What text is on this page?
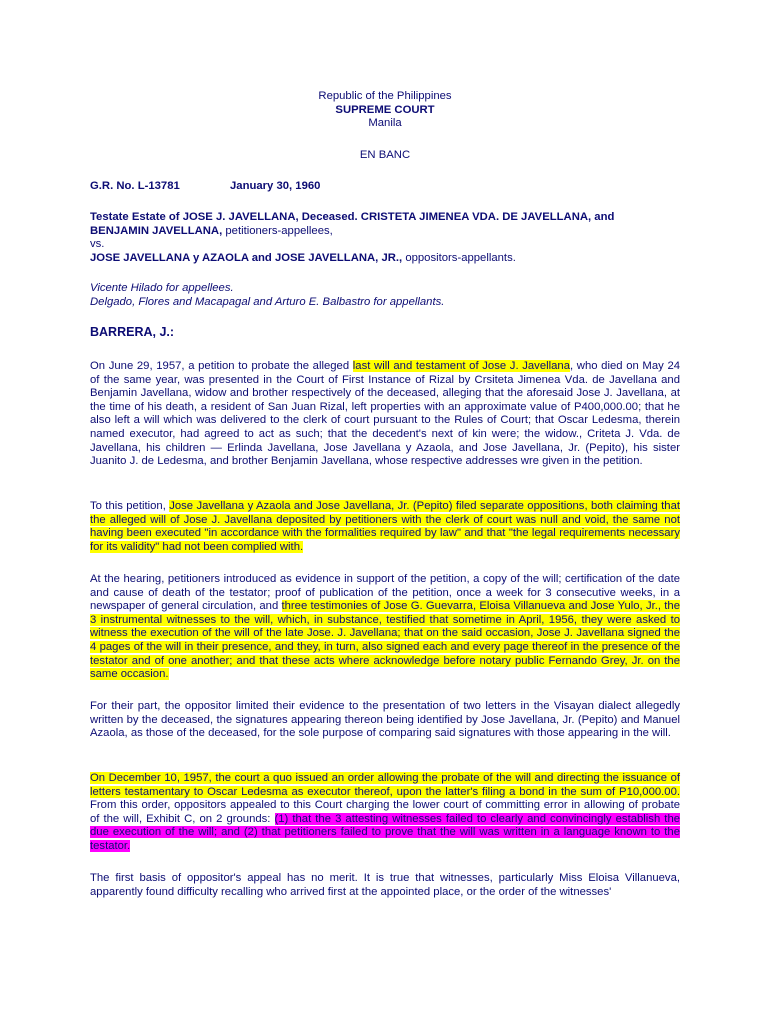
Republic of the Philippines
SUPREME COURT
Manila
EN BANC
G.R. No. L-13781	January 30, 1960
Testate Estate of JOSE J. JAVELLANA, Deceased. CRISTETA JIMENEA VDA. DE JAVELLANA, and
BENJAMIN JAVELLANA, petitioners-appellees,
vs.
JOSE JAVELLANA y AZAOLA and JOSE JAVELLANA, JR., oppositors-appellants.
Vicente Hilado for appellees.
Delgado, Flores and Macapagal and Arturo E. Balbastro for appellants.
BARRERA, J.:

On June 29, 1957, a petition to probate the alleged last will and testament of Jose J. Javellana, who died on May 24 of the same year, was presented in the Court of First Instance of Rizal by Crsiteta Jimenea Vda. de Javellana and Benjamin Javellana, widow and brother respectively of the deceased, alleging that the aforesaid Jose J. Javellana, at the time of his death, a resident of San Juan Rizal, left properties with an approximate value of P400,000.00; that he also left a will which was delivered to the clerk of court pursuant to the Rules of Court; that Oscar Ledesma, therein named executor, had agreed to act as such; that the decedent's next of kin were; the widow., Criteta J. Vda. de Javellana, his children — Erlinda Javellana, Jose Javellana y Azaola, and Jose Javellana, Jr. (Pepito), his sister Juanito J. de Ledesma, and brother Benjamin Javellana, whose respective addresses wre given in the petition.

To this petition, Jose Javellana y Azaola and Jose Javellana, Jr. (Pepito) filed separate oppositions, both claiming that the alleged will of Jose J. Javellana deposited by petitioners with the clerk of court was null and void, the same not having been executed "in accordance with the formalities required by law" and that "the legal requirements necessary for its validity" had not been complied with.

At the hearing, petitioners introduced as evidence in support of the petition, a copy of the will; certification of the date and cause of death of the testator; proof of publication of the petition, once a week for 3 consecutive weeks, in a newspaper of general circulation, and three testimonies of Jose G. Guevarra, Eloisa Villanueva and Jose Yulo, Jr., the 3 instrumental witnesses to the will, which, in substance, testified that sometime in April, 1956, they were asked to witness the execution of the will of the late Jose. J. Javellana; that on the said occasion, Jose J. Javellana signed the 4 pages of the will in their presence, and they, in turn, also signed each and every page thereof in the presence of the testator and of one another; and that these acts where acknowledge before notary public Fernando Grey, Jr. on the same occasion.

For their part, the oppositor limited their evidence to the presentation of two letters in the Visayan dialect allegedly written by the deceased, the signatures appearing thereon being identified by Jose Javellana, Jr. (Pepito) and Manuel Azaola, as those of the deceased, for the sole purpose of comparing said signatures with those appearing in the will.

On December 10, 1957, the court a quo issued an order allowing the probate of the will and directing the issuance of letters testamentary to Oscar Ledesma as executor thereof, upon the latter's filing a bond in the sum of P10,000.00. From this order, oppositors appealed to this Court charging the lower court of committing error in allowing of probate of the will, Exhibit C, on 2 grounds: (1) that the 3 attesting witnesses failed to clearly and convincingly establish the due execution of the will; and (2) that petitioners failed to prove that the will was written in a language known to the testator.

The first basis of oppositor's appeal has no merit. It is true that witnesses, particularly Miss Eloisa Villanueva, apparently found difficulty recalling who arrived first at the appointed place, or the order of the witnesses'
